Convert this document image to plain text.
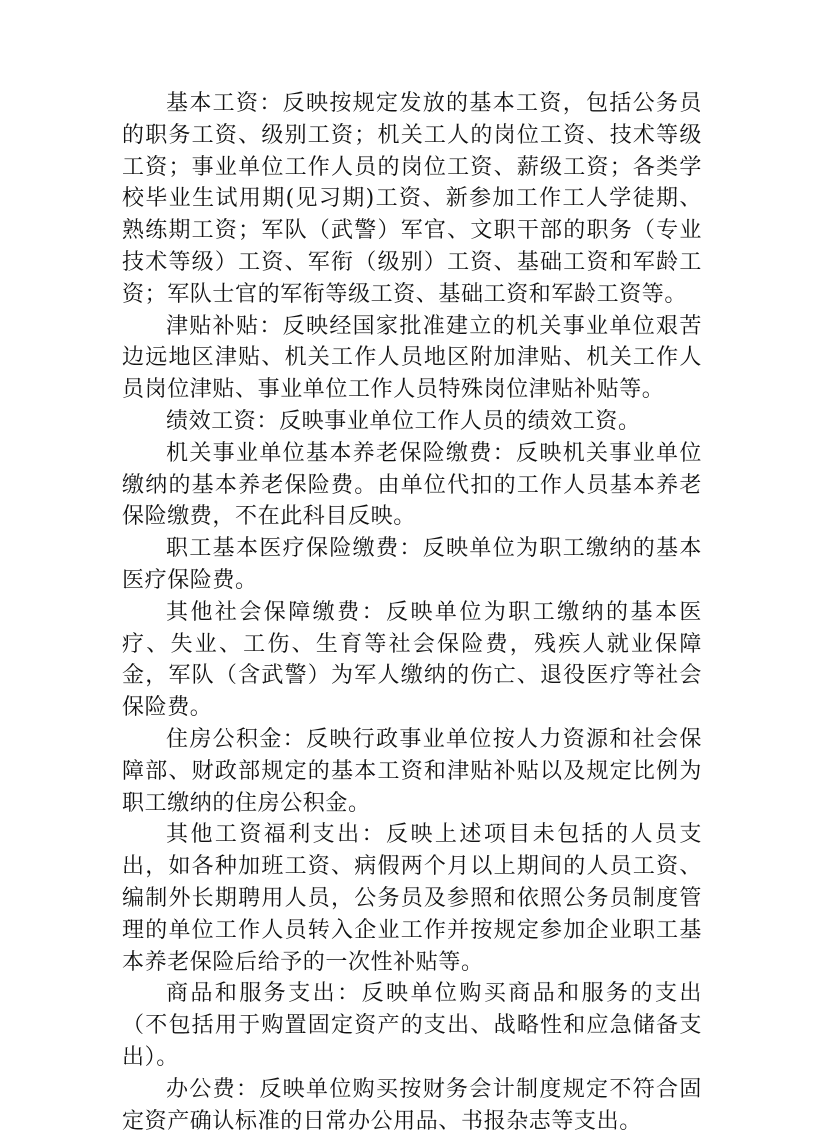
基本工资：反映按规定发放的基本工资，包括公务员的职务工资、级别工资；机关工人的岗位工资、技术等级工资；事业单位工作人员的岗位工资、薪级工资；各类学校毕业生试用期(见习期)工资、新参加工作工人学徒期、熟练期工资；军队（武警）军官、文职干部的职务（专业技术等级）工资、军衔（级别）工资、基础工资和军龄工资；军队士官的军衔等级工资、基础工资和军龄工资等。

津贴补贴：反映经国家批准建立的机关事业单位艰苦边远地区津贴、机关工作人员地区附加津贴、机关工作人员岗位津贴、事业单位工作人员特殊岗位津贴补贴等。

绩效工资：反映事业单位工作人员的绩效工资。

机关事业单位基本养老保险缴费：反映机关事业单位缴纳的基本养老保险费。由单位代扣的工作人员基本养老保险缴费，不在此科目反映。

职工基本医疗保险缴费：反映单位为职工缴纳的基本医疗保险费。

其他社会保障缴费：反映单位为职工缴纳的基本医疗、失业、工伤、生育等社会保险费，残疾人就业保障金，军队（含武警）为军人缴纳的伤亡、退役医疗等社会保险费。

住房公积金：反映行政事业单位按人力资源和社会保障部、财政部规定的基本工资和津贴补贴以及规定比例为职工缴纳的住房公积金。

其他工资福利支出：反映上述项目未包括的人员支出，如各种加班工资、病假两个月以上期间的人员工资、编制外长期聘用人员，公务员及参照和依照公务员制度管理的单位工作人员转入企业工作并按规定参加企业职工基本养老保险后给予的一次性补贴等。

商品和服务支出：反映单位购买商品和服务的支出（不包括用于购置固定资产的支出、战略性和应急储备支出）。

办公费：反映单位购买按财务会计制度规定不符合固定资产确认标准的日常办公用品、书报杂志等支出。
